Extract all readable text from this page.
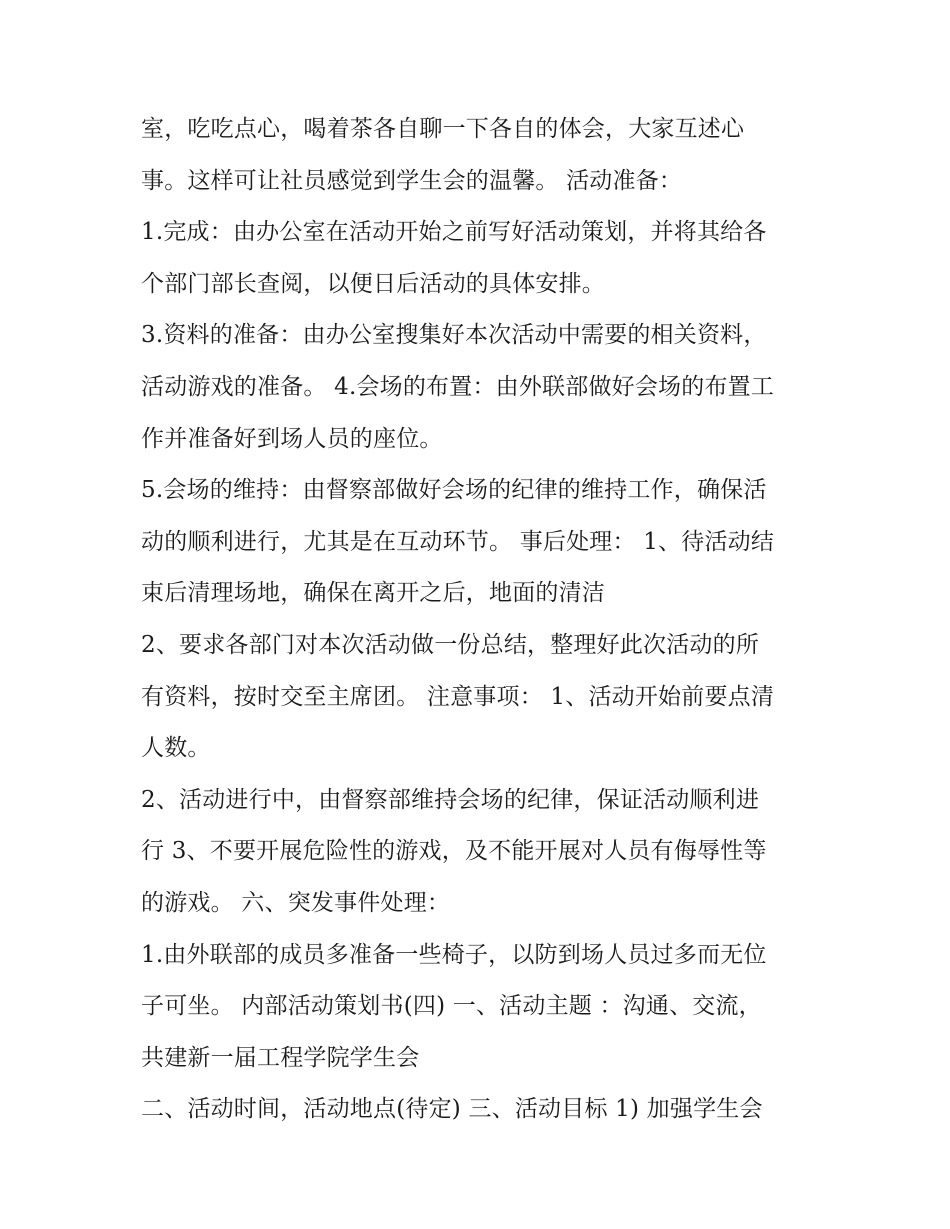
室，吃吃点心，喝着茶各自聊一下各自的体会，大家互述心
事。这样可让社员感觉到学生会的温馨。 活动准备：
1.完成：由办公室在活动开始之前写好活动策划，并将其给各
个部门部长查阅，以便日后活动的具体安排。
3.资料的准备：由办公室搜集好本次活动中需要的相关资料，
活动游戏的准备。 4.会场的布置：由外联部做好会场的布置工
作并准备好到场人员的座位。
5.会场的维持：由督察部做好会场的纪律的维持工作，确保活
动的顺利进行，尤其是在互动环节。 事后处理： 1、待活动结
束后清理场地，确保在离开之后，地面的清洁
2、要求各部门对本次活动做一份总结，整理好此次活动的所
有资料，按时交至主席团。 注意事项： 1、活动开始前要点清
人数。
2、活动进行中，由督察部维持会场的纪律，保证活动顺利进
行 3、不要开展危险性的游戏，及不能开展对人员有侮辱性等
的游戏。 六、突发事件处理：
1.由外联部的成员多准备一些椅子，以防到场人员过多而无位
子可坐。 内部活动策划书(四) 一、活动主题 ：沟通、交流，
共建新一届工程学院学生会
二、活动时间，活动地点(待定) 三、活动目标 1) 加强学生会
